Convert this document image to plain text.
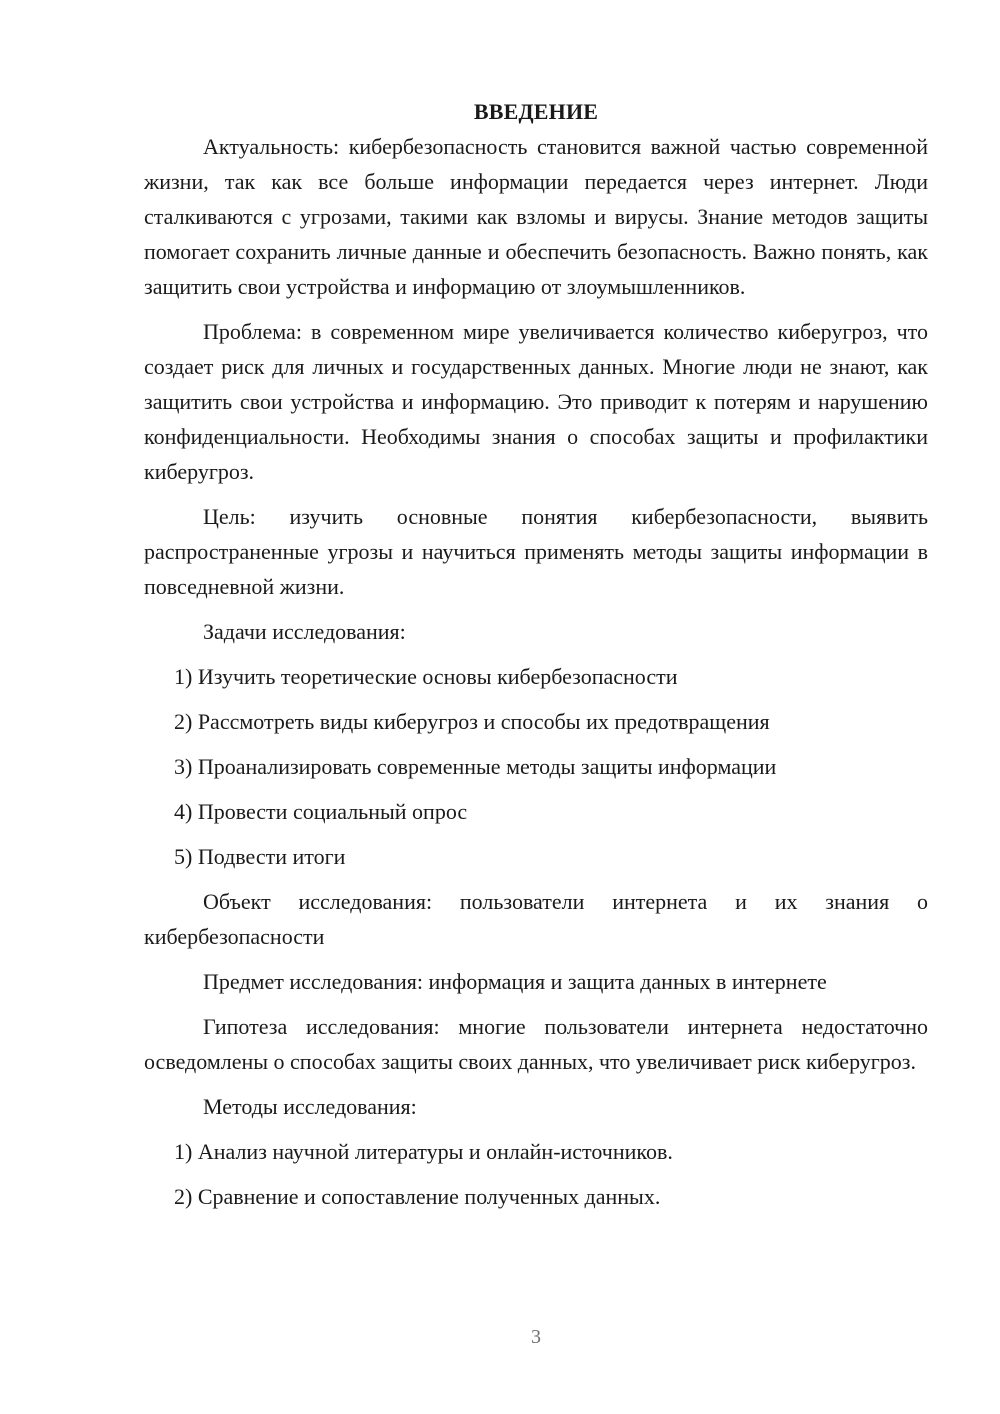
ВВЕДЕНИЕ

Актуальность: кибербезопасность становится важной частью современной жизни, так как все больше информации передается через интернет. Люди сталкиваются с угрозами, такими как взломы и вирусы. Знание методов защиты помогает сохранить личные данные и обеспечить безопасность. Важно понять, как защитить свои устройства и информацию от злоумышленников.

Проблема: в современном мире увеличивается количество киберугроз, что создает риск для личных и государственных данных. Многие люди не знают, как защитить свои устройства и информацию. Это приводит к потерям и нарушению конфиденциальности. Необходимы знания о способах защиты и профилактики киберугроз.

Цель: изучить основные понятия кибербезопасности, выявить распространенные угрозы и научиться применять методы защиты информации в повседневной жизни.

Задачи исследования:

1) Изучить теоретические основы кибербезопасности

2) Рассмотреть виды киберугроз и способы их предотвращения

3) Проанализировать современные методы защиты информации

4) Провести социальный опрос

5) Подвести итоги

Объект исследования: пользователи интернета и их знания о кибербезопасности

Предмет исследования: информация и защита данных в интернете

Гипотеза исследования: многие пользователи интернета недостаточно осведомлены о способах защиты своих данных, что увеличивает риск киберугроз.

Методы исследования:

1) Анализ научной литературы и онлайн-источников.

2) Сравнение и сопоставление полученных данных.

3
